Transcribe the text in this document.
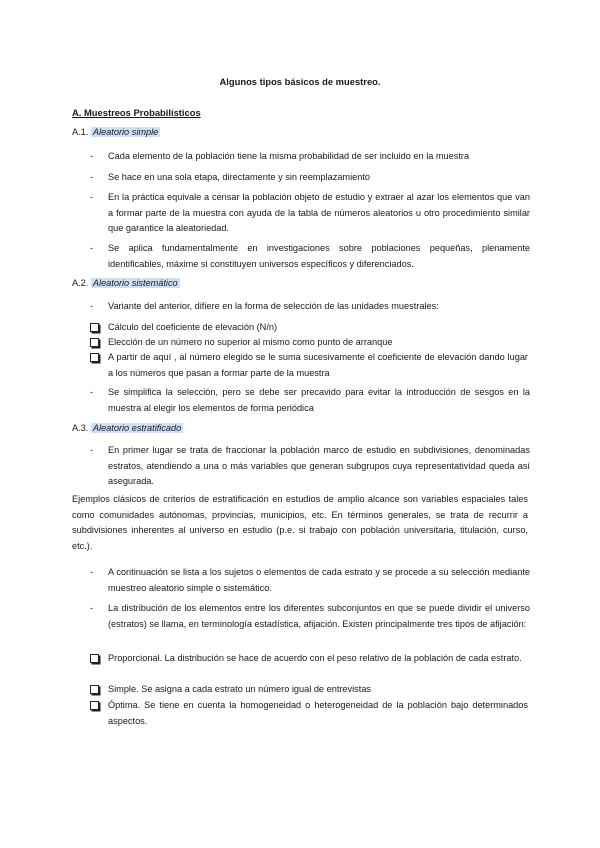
Algunos tipos básicos de muestreo.
A. Muestreos Probabilísticos
A.1. Aleatorio simple
-	Cada elemento de la población tiene la misma probabilidad de ser incluido en la muestra
-	Se hace en una sola etapa, directamente y sin reemplazamiento
-	En la práctica equivale a censar la población objeto de estudio y extraer al azar los elementos que van a formar parte de la muestra con ayuda de la tabla de números aleatorios u otro procedimiento similar que garantice la aleatoriedad.
-	Se aplica fundamentalmente en investigaciones sobre poblaciones pequeñas, plenamente identificables, máxime si constituyen universos específicos y diferenciados.
A.2. Aleatorio sistemático
-	Variante del anterior, difiere en la forma de selección de las unidades muestrales:
Cálculo del coeficiente de elevación (N/n)
Elección de un número no superior al mismo como punto de arranque
A partir de aquí , al número elegido se le suma sucesivamente el coeficiente de elevación dando lugar a los números que pasan a formar parte de la muestra
-	Se simplifica la selección, pero se debe ser precavido para evitar la introducción de sesgos en la muestra al elegir los elementos de forma periódica
A.3. Aleatorio estratificado
-	En primer lugar se trata de fraccionar la población marco de estudio en subdivisiones, denominadas estratos, atendiendo a una o más variables que generan subgrupos cuya representatividad queda así asegurada.
Ejemplos clásicos de criterios de estratificación en estudios de amplio alcance son variables espaciales tales como comunidades autónomas, provincias, municipios, etc. En términos generales, se trata de recurrir a subdivisiones inherentes al universo en estudio (p.e. si trabajo con población universitaria, titulación, curso, etc.).
-	A continuación se lista a los sujetos o elementos de cada estrato y se procede a su selección mediante muestreo aleatorio simple o sistemático.
-	La distribución de los elementos entre los diferentes subconjuntos en que se puede dividir el universo (estratos) se llama, en terminología estadística, afijación. Existen principalmente tres tipos de afijación:
Proporcional. La distribución se hace de acuerdo con el peso relativo de la población de cada estrato.
Simple. Se asigna a cada estrato un número igual de entrevistas
Óptima. Se tiene en cuenta la homogeneidad o heterogeneidad de la población bajo determinados aspectos.
